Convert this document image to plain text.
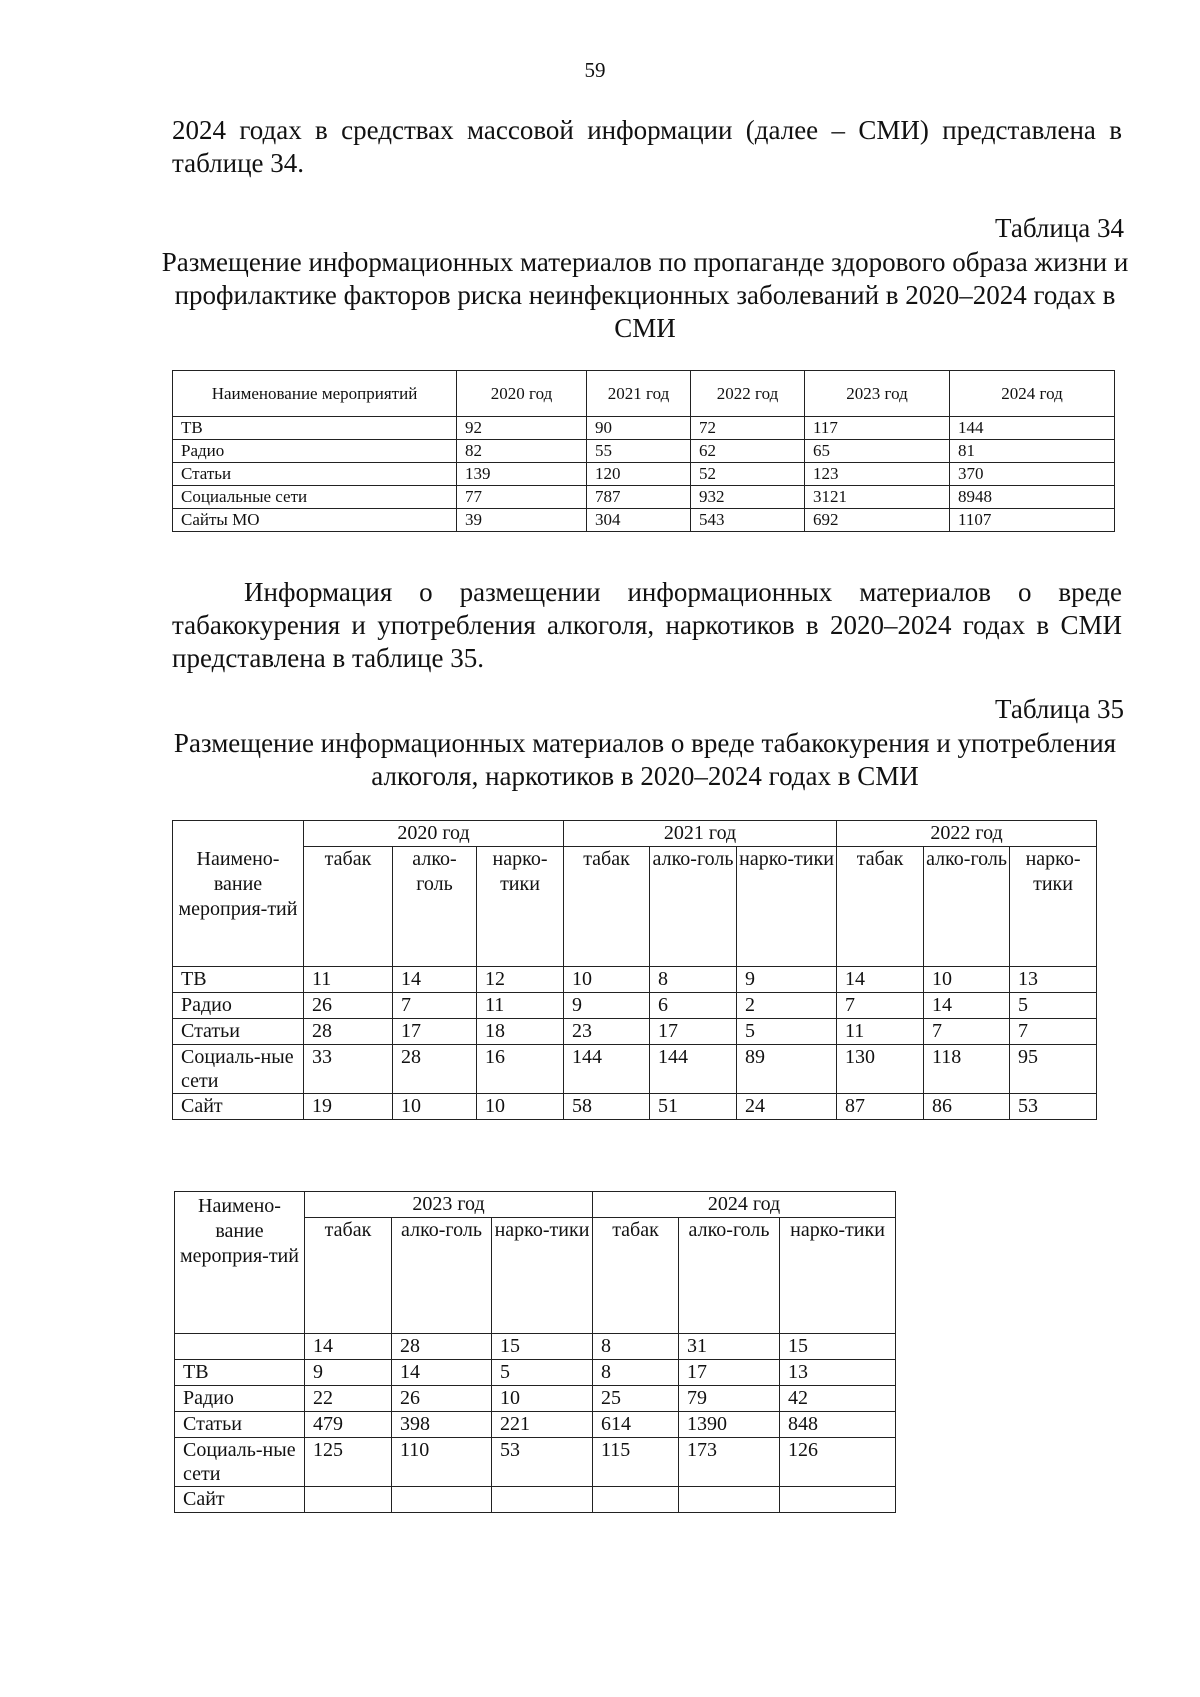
59
2024 годах в средствах массовой информации (далее – СМИ) представлена в таблице 34.
Таблица 34
Размещение информационных материалов по пропаганде здорового образа жизни и профилактике факторов риска неинфекционных заболеваний в 2020–2024 годах в СМИ
Наименование мероприятий	2020 год	2021 год	2022 год	2023 год	2024 год
ТВ	92	90	72	117	144
Радио	82	55	62	65	81
Статьи	139	120	52	123	370
Социальные сети	77	787	932	3121	8948
Сайты МО	39	304	543	692	1107
Информация о размещении информационных материалов о вреде табакокурения и употребления алкоголя, наркотиков в 2020–2024 годах в СМИ представлена в таблице 35.
Таблица 35
Размещение информационных материалов о вреде табакокурения и употребления алкоголя, наркотиков в 2020–2024 годах в СМИ
Наимено-вание мероприя-тий	2020 год			2021 год			2022 год		
	табак	алко-голь	нарко-тики	табак	алко-голь	нарко-тики	табак	алко-голь	нарко-тики
ТВ	11	14	12	10	8	9	14	10	13
Радио	26	7	11	9	6	2	7	14	5
Статьи	28	17	18	23	17	5	11	7	7
Социаль-ные сети	33	28	16	144	144	89	130	118	95
Сайт	19	10	10	58	51	24	87	86	53
Наимено-вание мероприя-тий	2023 год			2024 год		
	табак	алко-голь	нарко-тики	табак	алко-голь	нарко-тики
	14	28	15	8	31	15
ТВ	9	14	5	8	17	13
Радио	22	26	10	25	79	42
Статьи	479	398	221	614	1390	848
Социаль-ные сети	125	110	53	115	173	126
Сайт						
